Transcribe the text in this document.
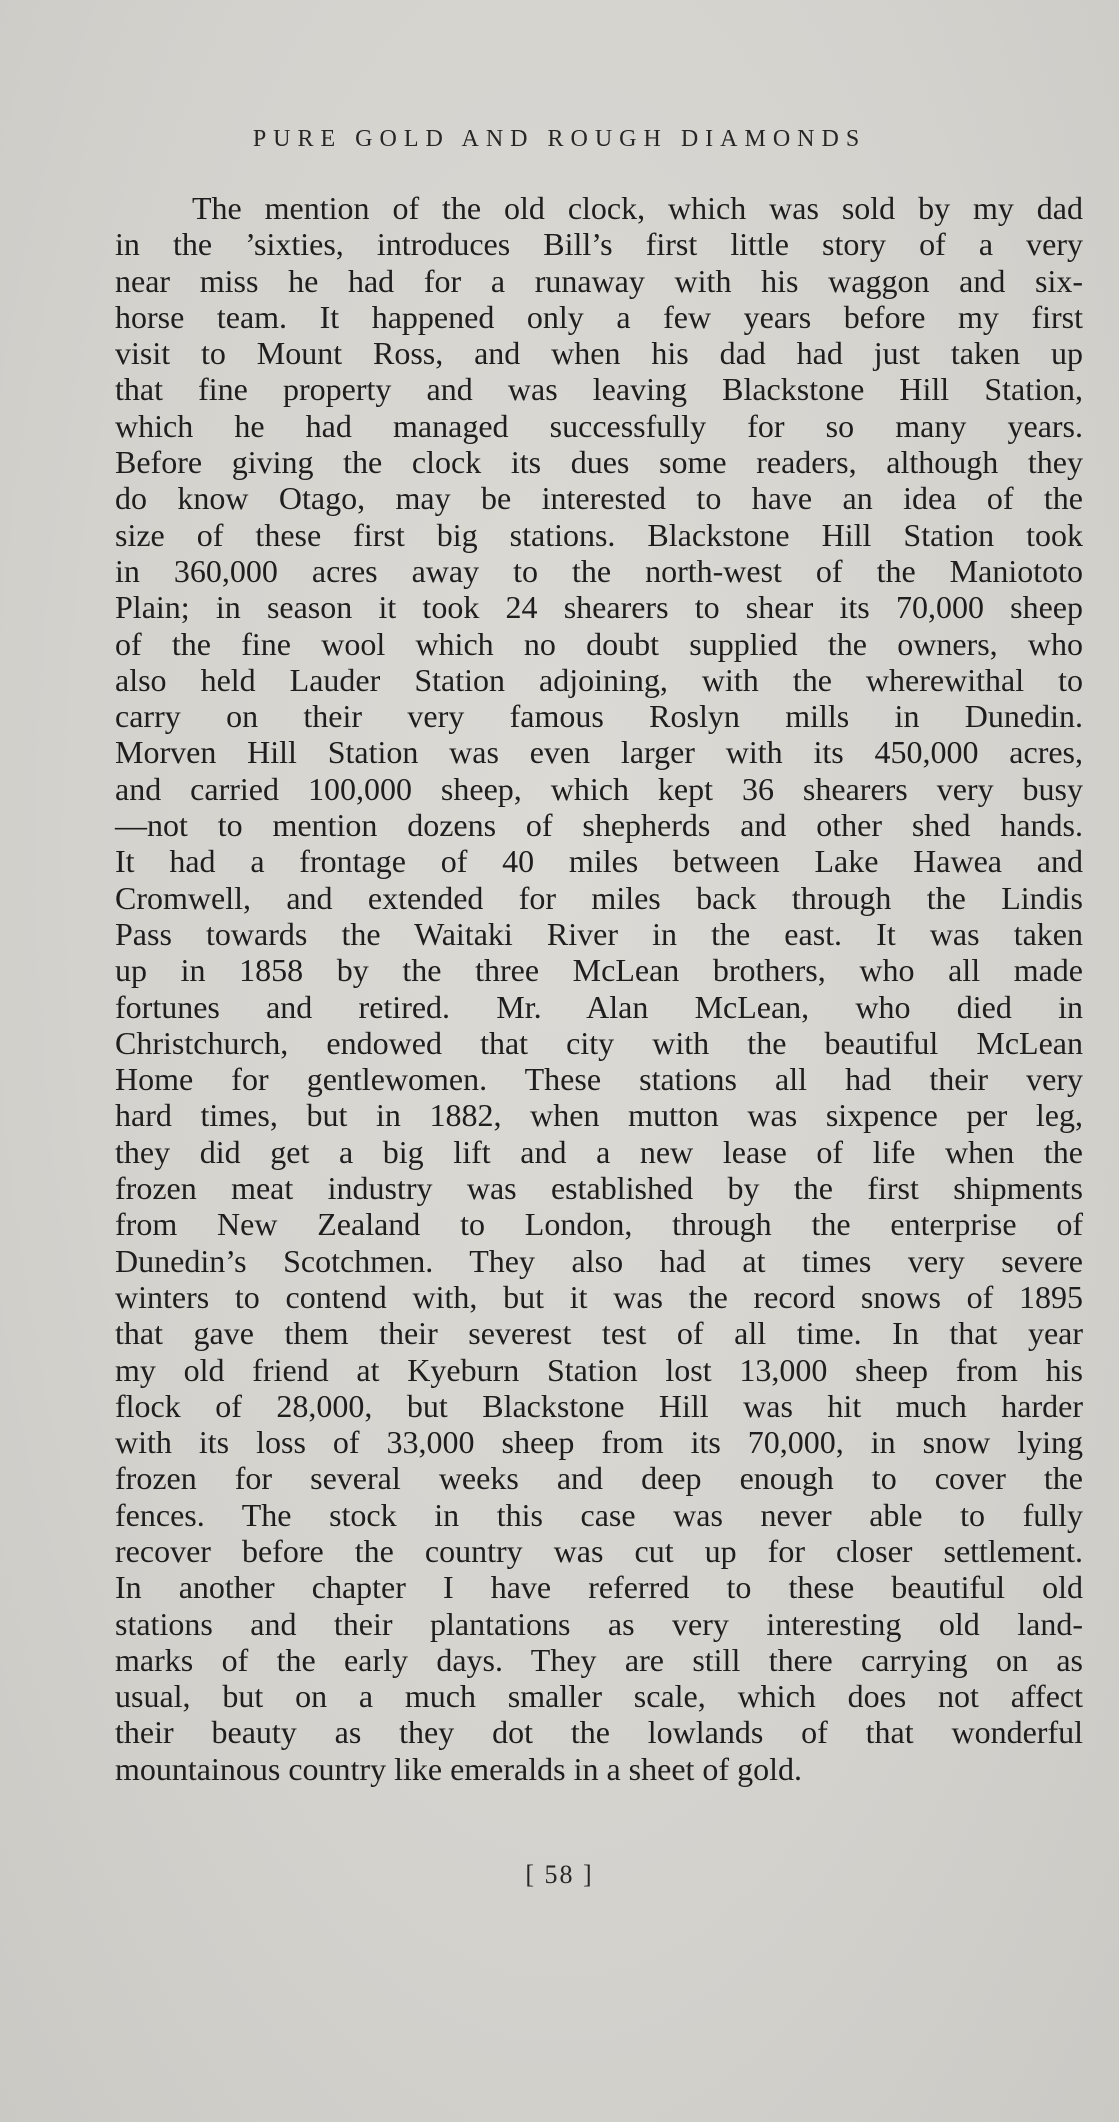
PURE GOLD AND ROUGH DIAMONDS
The mention of the old clock, which was sold by my dad
in the ’sixties, introduces Bill’s first little story of a very
near miss he had for a runaway with his waggon and six-
horse team. It happened only a few years before my first
visit to Mount Ross, and when his dad had just taken up
that fine property and was leaving Blackstone Hill Station,
which he had managed successfully for so many years.
Before giving the clock its dues some readers, although they
do know Otago, may be interested to have an idea of the
size of these first big stations. Blackstone Hill Station took
in 360,000 acres away to the north-west of the Maniototo
Plain; in season it took 24 shearers to shear its 70,000 sheep
of the fine wool which no doubt supplied the owners, who
also held Lauder Station adjoining, with the wherewithal to
carry on their very famous Roslyn mills in Dunedin.
Morven Hill Station was even larger with its 450,000 acres,
and carried 100,000 sheep, which kept 36 shearers very busy
—not to mention dozens of shepherds and other shed hands.
It had a frontage of 40 miles between Lake Hawea and
Cromwell, and extended for miles back through the Lindis
Pass towards the Waitaki River in the east. It was taken
up in 1858 by the three McLean brothers, who all made
fortunes and retired. Mr. Alan McLean, who died in
Christchurch, endowed that city with the beautiful McLean
Home for gentlewomen. These stations all had their very
hard times, but in 1882, when mutton was sixpence per leg,
they did get a big lift and a new lease of life when the
frozen meat industry was established by the first shipments
from New Zealand to London, through the enterprise of
Dunedin’s Scotchmen. They also had at times very severe
winters to contend with, but it was the record snows of 1895
that gave them their severest test of all time. In that year
my old friend at Kyeburn Station lost 13,000 sheep from his
flock of 28,000, but Blackstone Hill was hit much harder
with its loss of 33,000 sheep from its 70,000, in snow lying
frozen for several weeks and deep enough to cover the
fences. The stock in this case was never able to fully
recover before the country was cut up for closer settlement.
In another chapter I have referred to these beautiful old
stations and their plantations as very interesting old land-
marks of the early days. They are still there carrying on as
usual, but on a much smaller scale, which does not affect
their beauty as they dot the lowlands of that wonderful
mountainous country like emeralds in a sheet of gold.
[ 58 ]
